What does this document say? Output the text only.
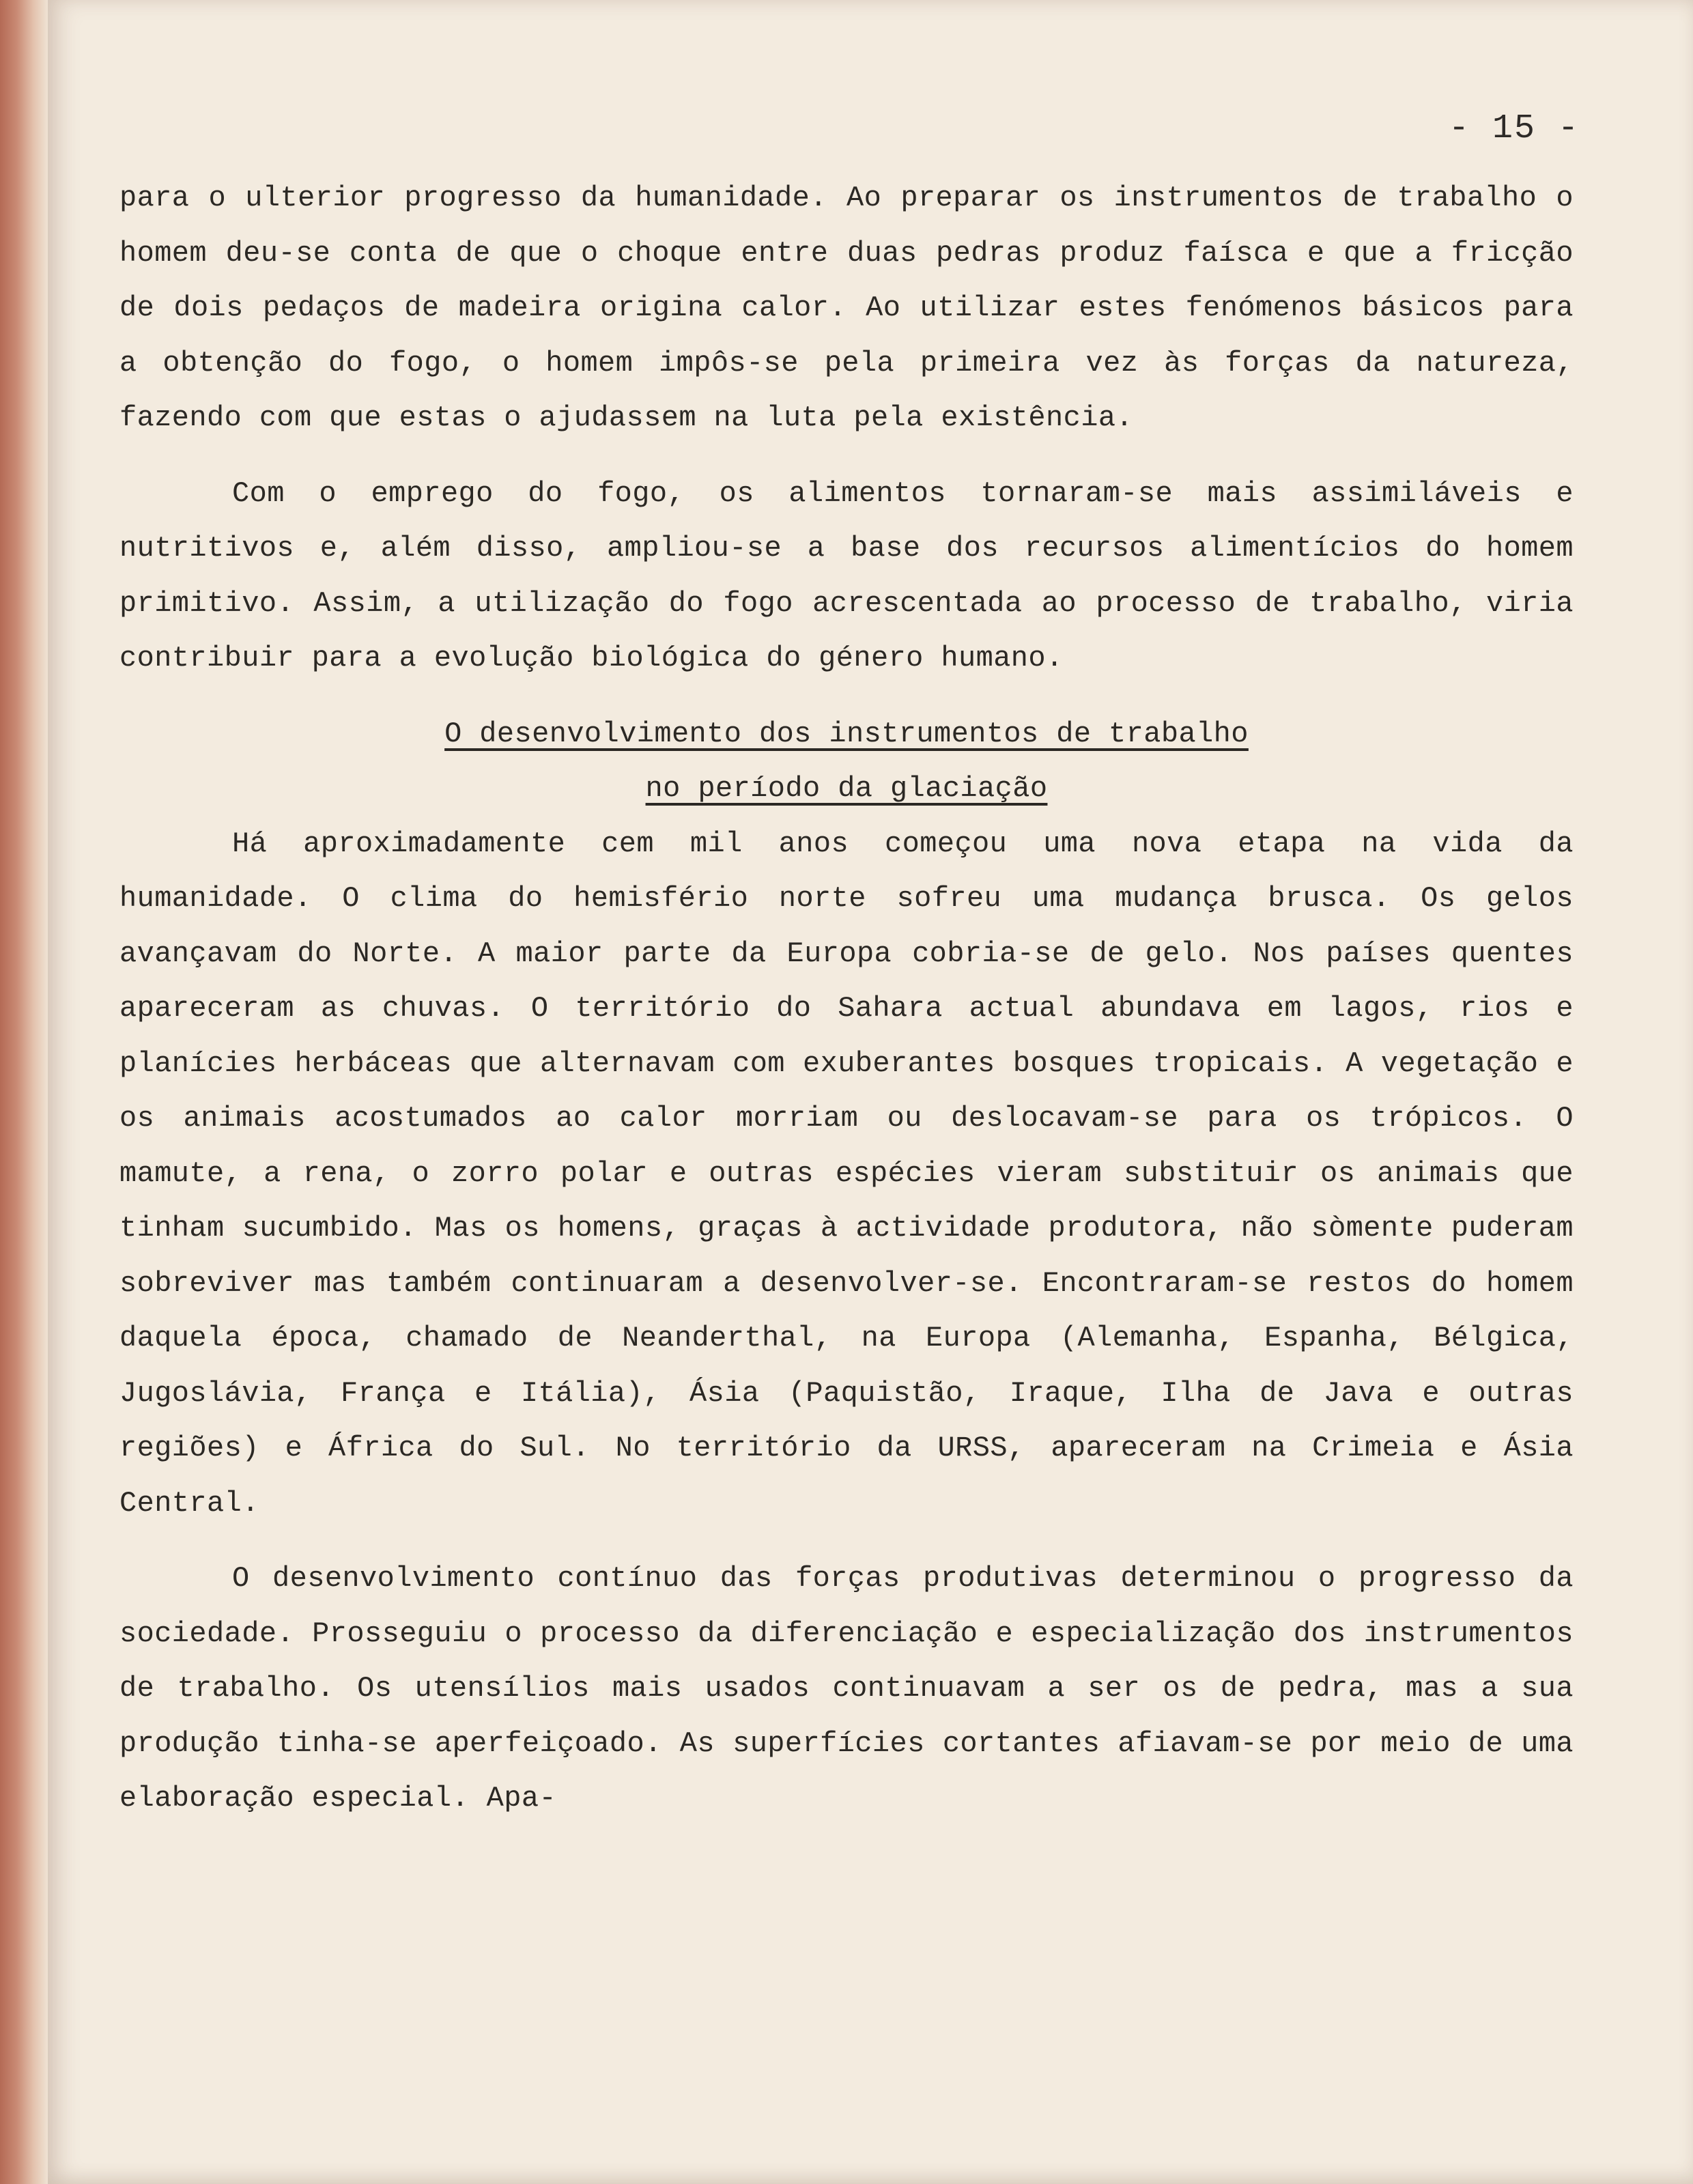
- 15 -

para o ulterior progresso da humanidade. Ao preparar os instrumentos de trabalho o homem deu-se conta de que o choque entre duas pedras produz faísca e que a fricção de dois pedaços de madeira origina calor. Ao utilizar estes fenómenos básicos para a obtenção do fogo, o homem impôs-se pela primeira vez às forças da natureza, fazendo com que estas o ajudassem na luta pela existência.

Com o emprego do fogo, os alimentos tornaram-se mais assimiláveis e nutritivos e, além disso, ampliou-se a base dos recursos alimentícios do homem primitivo. Assim, a utilização do fogo acrescentada ao processo de trabalho, viria contribuir para a evolução biológica do género humano.

O desenvolvimento dos instrumentos de trabalho

no período da glaciação

Há aproximadamente cem mil anos começou uma nova etapa na vida da humanidade. O clima do hemisfério norte sofreu uma mudança brusca. Os gelos avançavam do Norte. A maior parte da Europa cobria-se de gelo. Nos países quentes apareceram as chuvas. O território do Sahara actual abundava em lagos, rios e planícies herbáceas que alternavam com exuberantes bosques tropicais. A vegetação e os animais acostumados ao calor morriam ou deslocavam-se para os trópicos. O mamute, a rena, o zorro polar e outras espécies vieram substituir os animais que tinham sucumbido. Mas os homens, graças à actividade produtora, não sòmente puderam sobreviver mas também continuaram a desenvolver-se. Encontraram-se restos do homem daquela época, chamado de Neanderthal, na Europa (Alemanha, Espanha, Bélgica, Jugoslávia, França e Itália), Ásia (Paquistão, Iraque, Ilha de Java e outras regiões) e África do Sul. No território da URSS, apareceram na Crimeia e Ásia Central.

O desenvolvimento contínuo das forças produtivas determinou o progresso da sociedade. Prosseguiu o processo da diferenciação e especialização dos instrumentos de trabalho. Os utensílios mais usados continuavam a ser os de pedra, mas a sua produção tinha-se aperfeiçoado. As superfícies cortantes afiavam-se por meio de uma elaboração especial. Apa-
